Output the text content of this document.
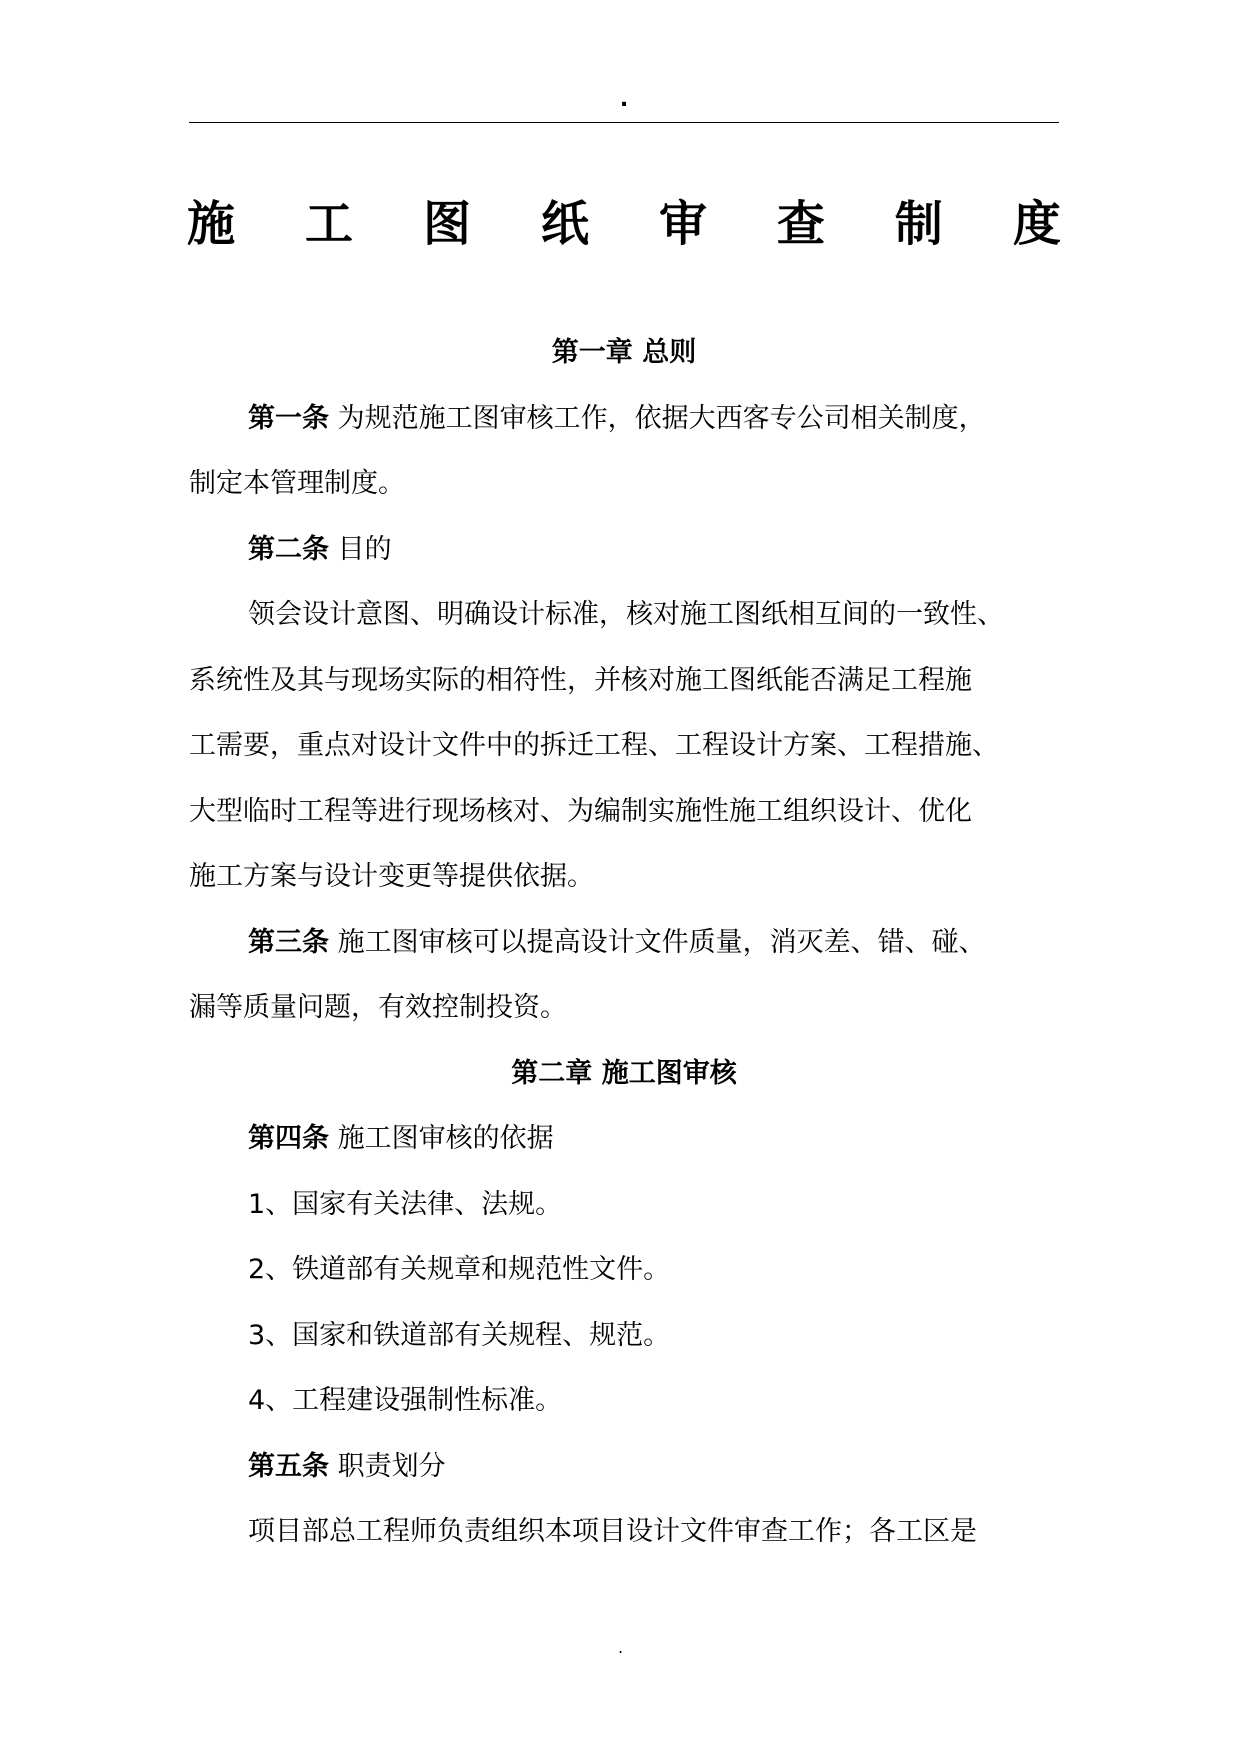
.
施 工 图 纸 审 查 制 度
第一章 总则
第一条 为规范施工图审核工作，依据大西客专公司相关制度，
制定本管理制度。
第二条 目的
领会设计意图、明确设计标准，核对施工图纸相互间的一致性、
系统性及其与现场实际的相符性，并核对施工图纸能否满足工程施
工需要，重点对设计文件中的拆迁工程、工程设计方案、工程措施、
大型临时工程等进行现场核对、为编制实施性施工组织设计、优化
施工方案与设计变更等提供依据。
第三条 施工图审核可以提高设计文件质量，消灭差、错、碰、
漏等质量问题，有效控制投资。
第二章 施工图审核
第四条 施工图审核的依据
1、国家有关法律、法规。
2、铁道部有关规章和规范性文件。
3、国家和铁道部有关规程、规范。
4、工程建设强制性标准。
第五条 职责划分
项目部总工程师负责组织本项目设计文件审查工作；各工区是
.
